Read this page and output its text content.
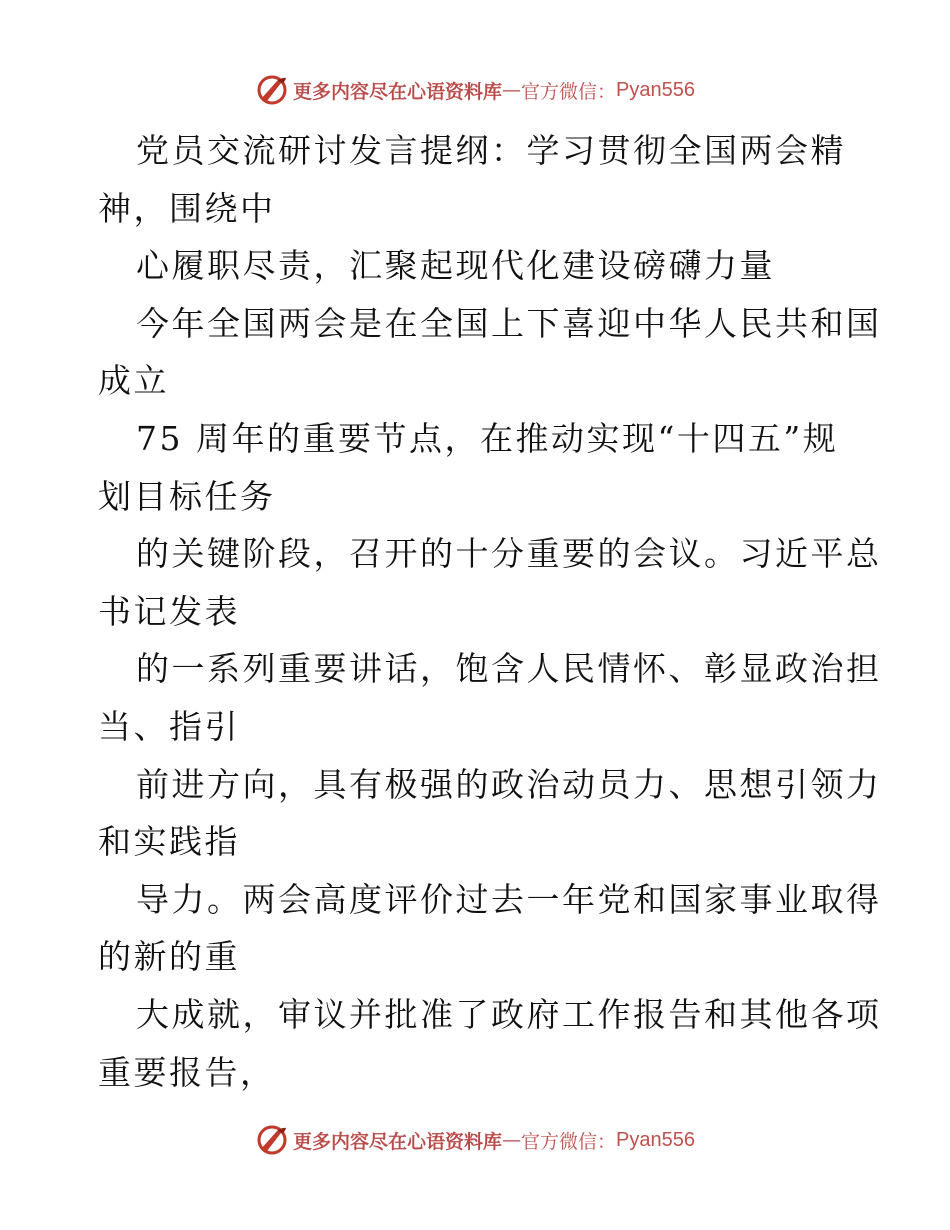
更多内容尽在心语资料库 — 官方微信： Pyan556
党员交流研讨发言提纲：学习贯彻全国两会精
神，围绕中
心履职尽责，汇聚起现代化建设磅礴力量
今年全国两会是在全国上下喜迎中华人民共和国
成立
75 周年的重要节点，在推动实现“十四五”规
划目标任务
的关键阶段，召开的十分重要的会议。习近平总
书记发表
的一系列重要讲话，饱含人民情怀、彰显政治担
当、指引
前进方向，具有极强的政治动员力、思想引领力
和实践指
导力。两会高度评价过去一年党和国家事业取得
的新的重
大成就，审议并批准了政府工作报告和其他各项
重要报告，
更多内容尽在心语资料库 — 官方微信： Pyan556
